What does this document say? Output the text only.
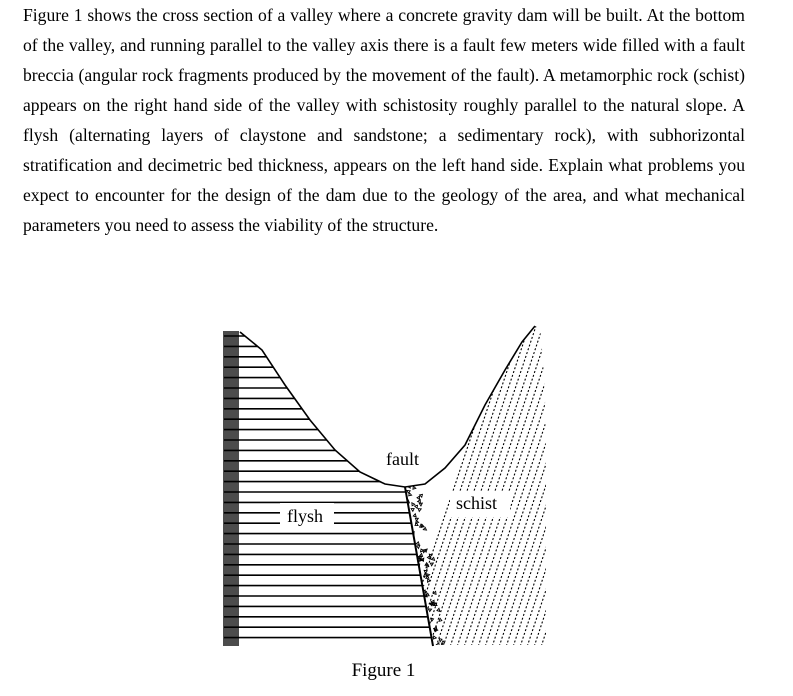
Figure 1 shows the cross section of a valley where a concrete gravity dam will be built. At the bottom of the valley, and running parallel to the valley axis there is a fault few meters wide filled with a fault breccia (angular rock fragments produced by the movement of the fault). A metamorphic rock (schist) appears on the right hand side of the valley with schistosity roughly parallel to the natural slope. A flysh (alternating layers of claystone and sandstone; a sedimentary rock), with subhorizontal stratification and decimetric bed thickness, appears on the left hand side. Explain what problems you expect to encounter for the design of the dam due to the geology of the area, and what mechanical parameters you need to assess the viability of the structure.

fault
flysh
schist
Figure 1
